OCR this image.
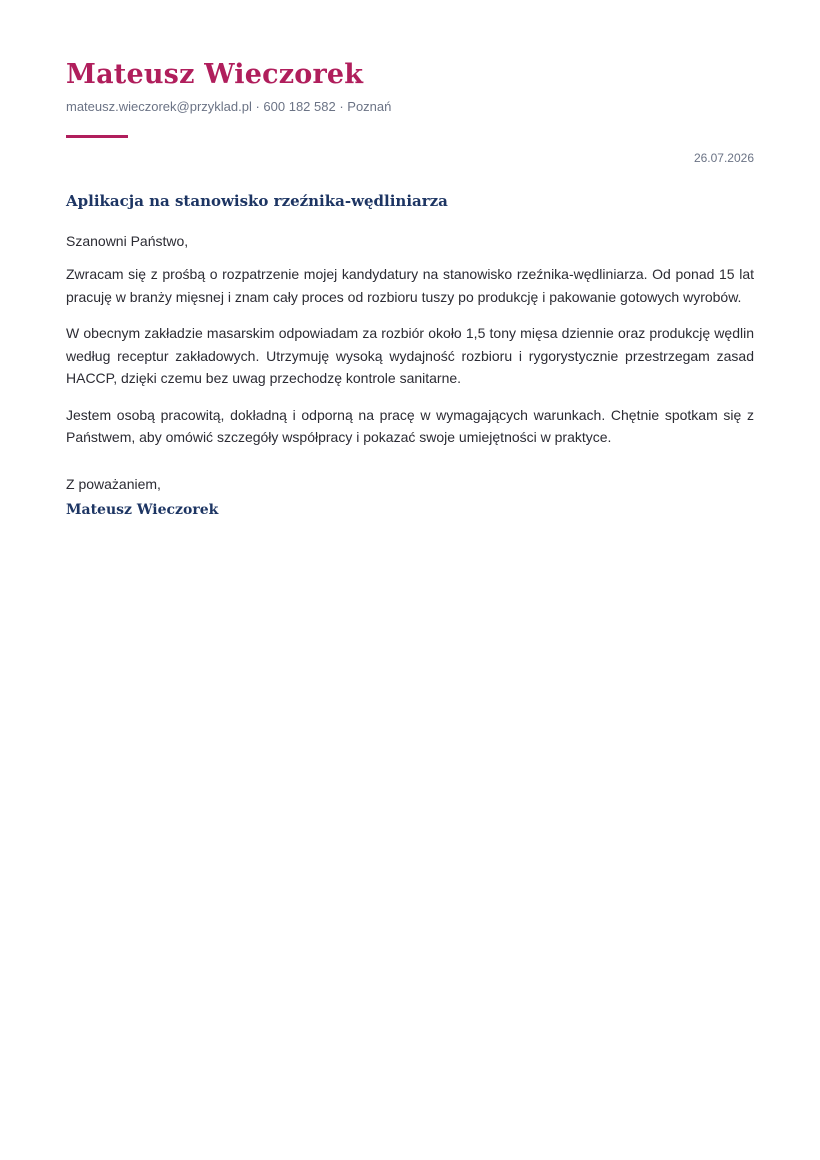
Mateusz Wieczorek
mateusz.wieczorek@przyklad.pl · 600 182 582 · Poznań
26.07.2026
Aplikacja na stanowisko rzeźnika-wędliniarza
Szanowni Państwo,

Zwracam się z prośbą o rozpatrzenie mojej kandydatury na stanowisko rzeźnika-wędliniarza. Od ponad 15 lat pracuję w branży mięsnej i znam cały proces od rozbioru tuszy po produkcję i pakowanie gotowych wyrobów.

W obecnym zakładzie masarskim odpowiadam za rozbiór około 1,5 tony mięsa dziennie oraz produkcję wędlin według receptur zakładowych. Utrzymuję wysoką wydajność rozbioru i rygorystycznie przestrzegam zasad HACCP, dzięki czemu bez uwag przechodzę kontrole sanitarne.

Jestem osobą pracowitą, dokładną i odporną na pracę w wymagających warunkach. Chętnie spotkam się z Państwem, aby omówić szczegóły współpracy i pokazać swoje umiejętności w praktyce.

Z poważaniem,
Mateusz Wieczorek
